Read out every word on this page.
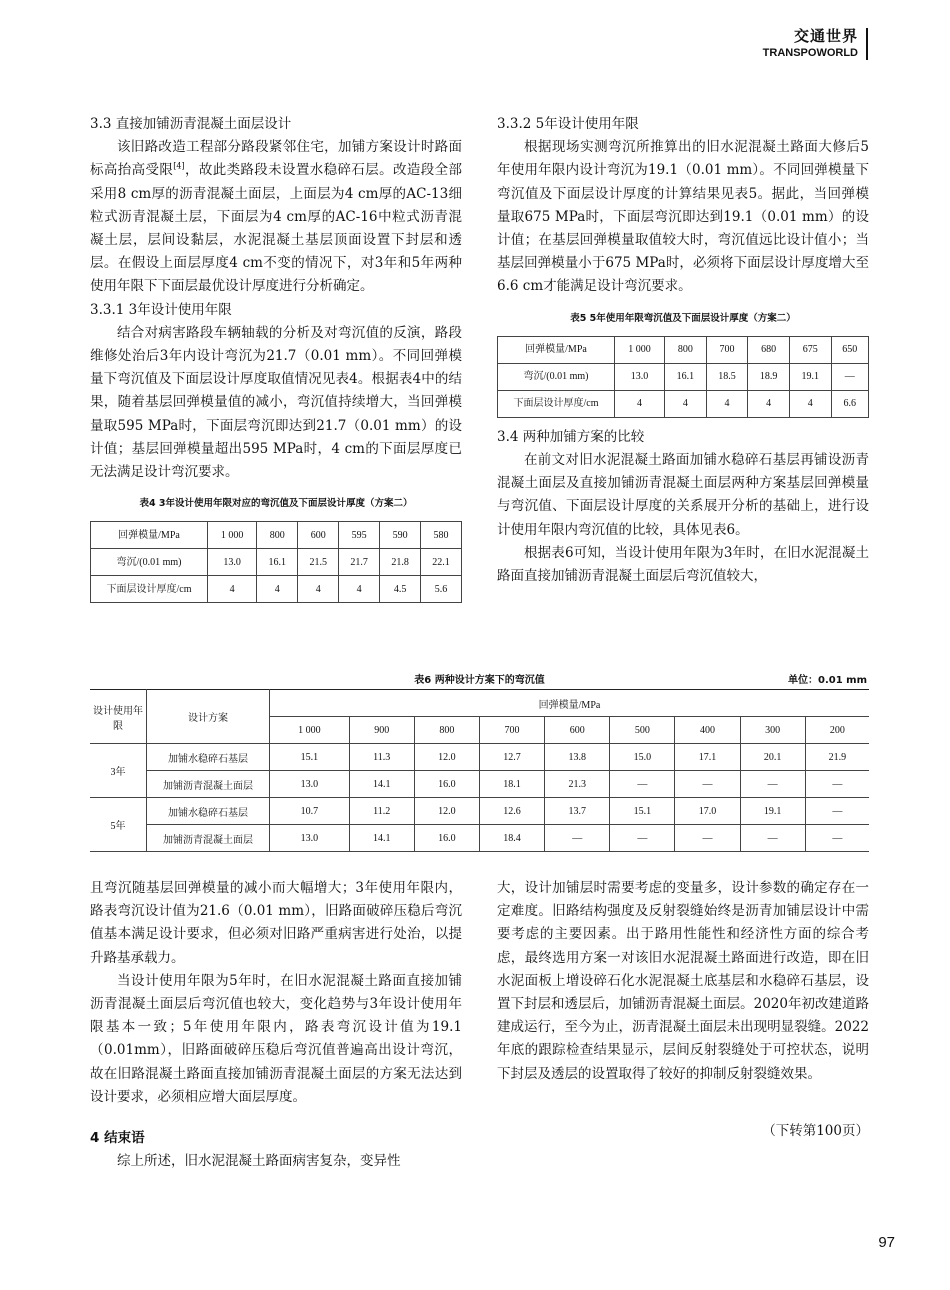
交通世界
TRANSPOWORLD

3.3 直接加铺沥青混凝土面层设计

该旧路改造工程部分路段紧邻住宅，加铺方案设计时路面标高抬高受限[4]，故此类路段未设置水稳碎石层。改造段全部采用8 cm厚的沥青混凝土面层，上面层为4 cm厚的AC-13细粒式沥青混凝土层，下面层为4 cm厚的AC-16中粒式沥青混凝土层，层间设黏层，水泥混凝土基层顶面设置下封层和透层。在假设上面层厚度4 cm不变的情况下，对3年和5年两种使用年限下下面层最优设计厚度进行分析确定。

3.3.1 3年设计使用年限

结合对病害路段车辆轴载的分析及对弯沉值的反演，路段维修处治后3年内设计弯沉为21.7（0.01 mm）。不同回弹模量下弯沉值及下面层设计厚度取值情况见表4。根据表4中的结果，随着基层回弹模量值的减小，弯沉值持续增大，当回弹模量取595 MPa时，下面层弯沉即达到21.7（0.01 mm）的设计值；基层回弹模量超出595 MPa时，4 cm的下面层厚度已无法满足设计弯沉要求。

表4 3年设计使用年限对应的弯沉值及下面层设计厚度（方案二）
回弹模量/MPa	1 000	800	600	595	590	580
弯沉/(0.01 mm)	13.0	16.1	21.5	21.7	21.8	22.1
下面层设计厚度/cm	4	4	4	4	4.5	5.6

3.3.2 5年设计使用年限

根据现场实测弯沉所推算出的旧水泥混凝土路面大修后5年使用年限内设计弯沉为19.1（0.01 mm）。不同回弹模量下弯沉值及下面层设计厚度的计算结果见表5。据此，当回弹模量取675 MPa时，下面层弯沉即达到19.1（0.01 mm）的设计值；在基层回弹模量取值较大时，弯沉值远比设计值小；当基层回弹模量小于675 MPa时，必须将下面层设计厚度增大至6.6 cm才能满足设计弯沉要求。

表5 5年使用年限弯沉值及下面层设计厚度（方案二）
回弹模量/MPa	1 000	800	700	680	675	650
弯沉/(0.01 mm)	13.0	16.1	18.5	18.9	19.1	—
下面层设计厚度/cm	4	4	4	4	4	6.6

3.4 两种加铺方案的比较

在前文对旧水泥混凝土路面加铺水稳碎石基层再铺设沥青混凝土面层及直接加铺沥青混凝土面层两种方案基层回弹模量与弯沉值、下面层设计厚度的关系展开分析的基础上，进行设计使用年限内弯沉值的比较，具体见表6。

根据表6可知，当设计使用年限为3年时，在旧水泥混凝土路面直接加铺沥青混凝土面层后弯沉值较大，

表6 两种设计方案下的弯沉值	单位：0.01 mm
设计使用年限	设计方案	回弹模量/MPa								
		1 000	900	800	700	600	500	400	300	200
3年	加铺水稳碎石基层	15.1	11.3	12.0	12.7	13.8	15.0	17.1	20.1	21.9
	加铺沥青混凝土面层	13.0	14.1	16.0	18.1	21.3	—	—	—	—
5年	加铺水稳碎石基层	10.7	11.2	12.0	12.6	13.7	15.1	17.0	19.1	—
	加铺沥青混凝土面层	13.0	14.1	16.0	18.4	—	—	—	—	—

且弯沉随基层回弹模量的减小而大幅增大；3年使用年限内，路表弯沉设计值为21.6（0.01 mm），旧路面破碎压稳后弯沉值基本满足设计要求，但必须对旧路严重病害进行处治，以提升路基承载力。

当设计使用年限为5年时，在旧水泥混凝土路面直接加铺沥青混凝土面层后弯沉值也较大，变化趋势与3年设计使用年限基本一致；5年使用年限内，路表弯沉设计值为19.1（0.01mm），旧路面破碎压稳后弯沉值普遍高出设计弯沉，故在旧路混凝土路面直接加铺沥青混凝土面层的方案无法达到设计要求，必须相应增大面层厚度。

4 结束语

综上所述，旧水泥混凝土路面病害复杂，变异性

大，设计加铺层时需要考虑的变量多，设计参数的确定存在一定难度。旧路结构强度及反射裂缝始终是沥青加铺层设计中需要考虑的主要因素。出于路用性能性和经济性方面的综合考虑，最终选用方案一对该旧水泥混凝土路面进行改造，即在旧水泥面板上增设碎石化水泥混凝土底基层和水稳碎石基层，设置下封层和透层后，加铺沥青混凝土面层。2020年初改建道路建成运行，至今为止，沥青混凝土面层未出现明显裂缝。2022年底的跟踪检查结果显示，层间反射裂缝处于可控状态，说明下封层及透层的设置取得了较好的抑制反射裂缝效果。

（下转第100页）

97
